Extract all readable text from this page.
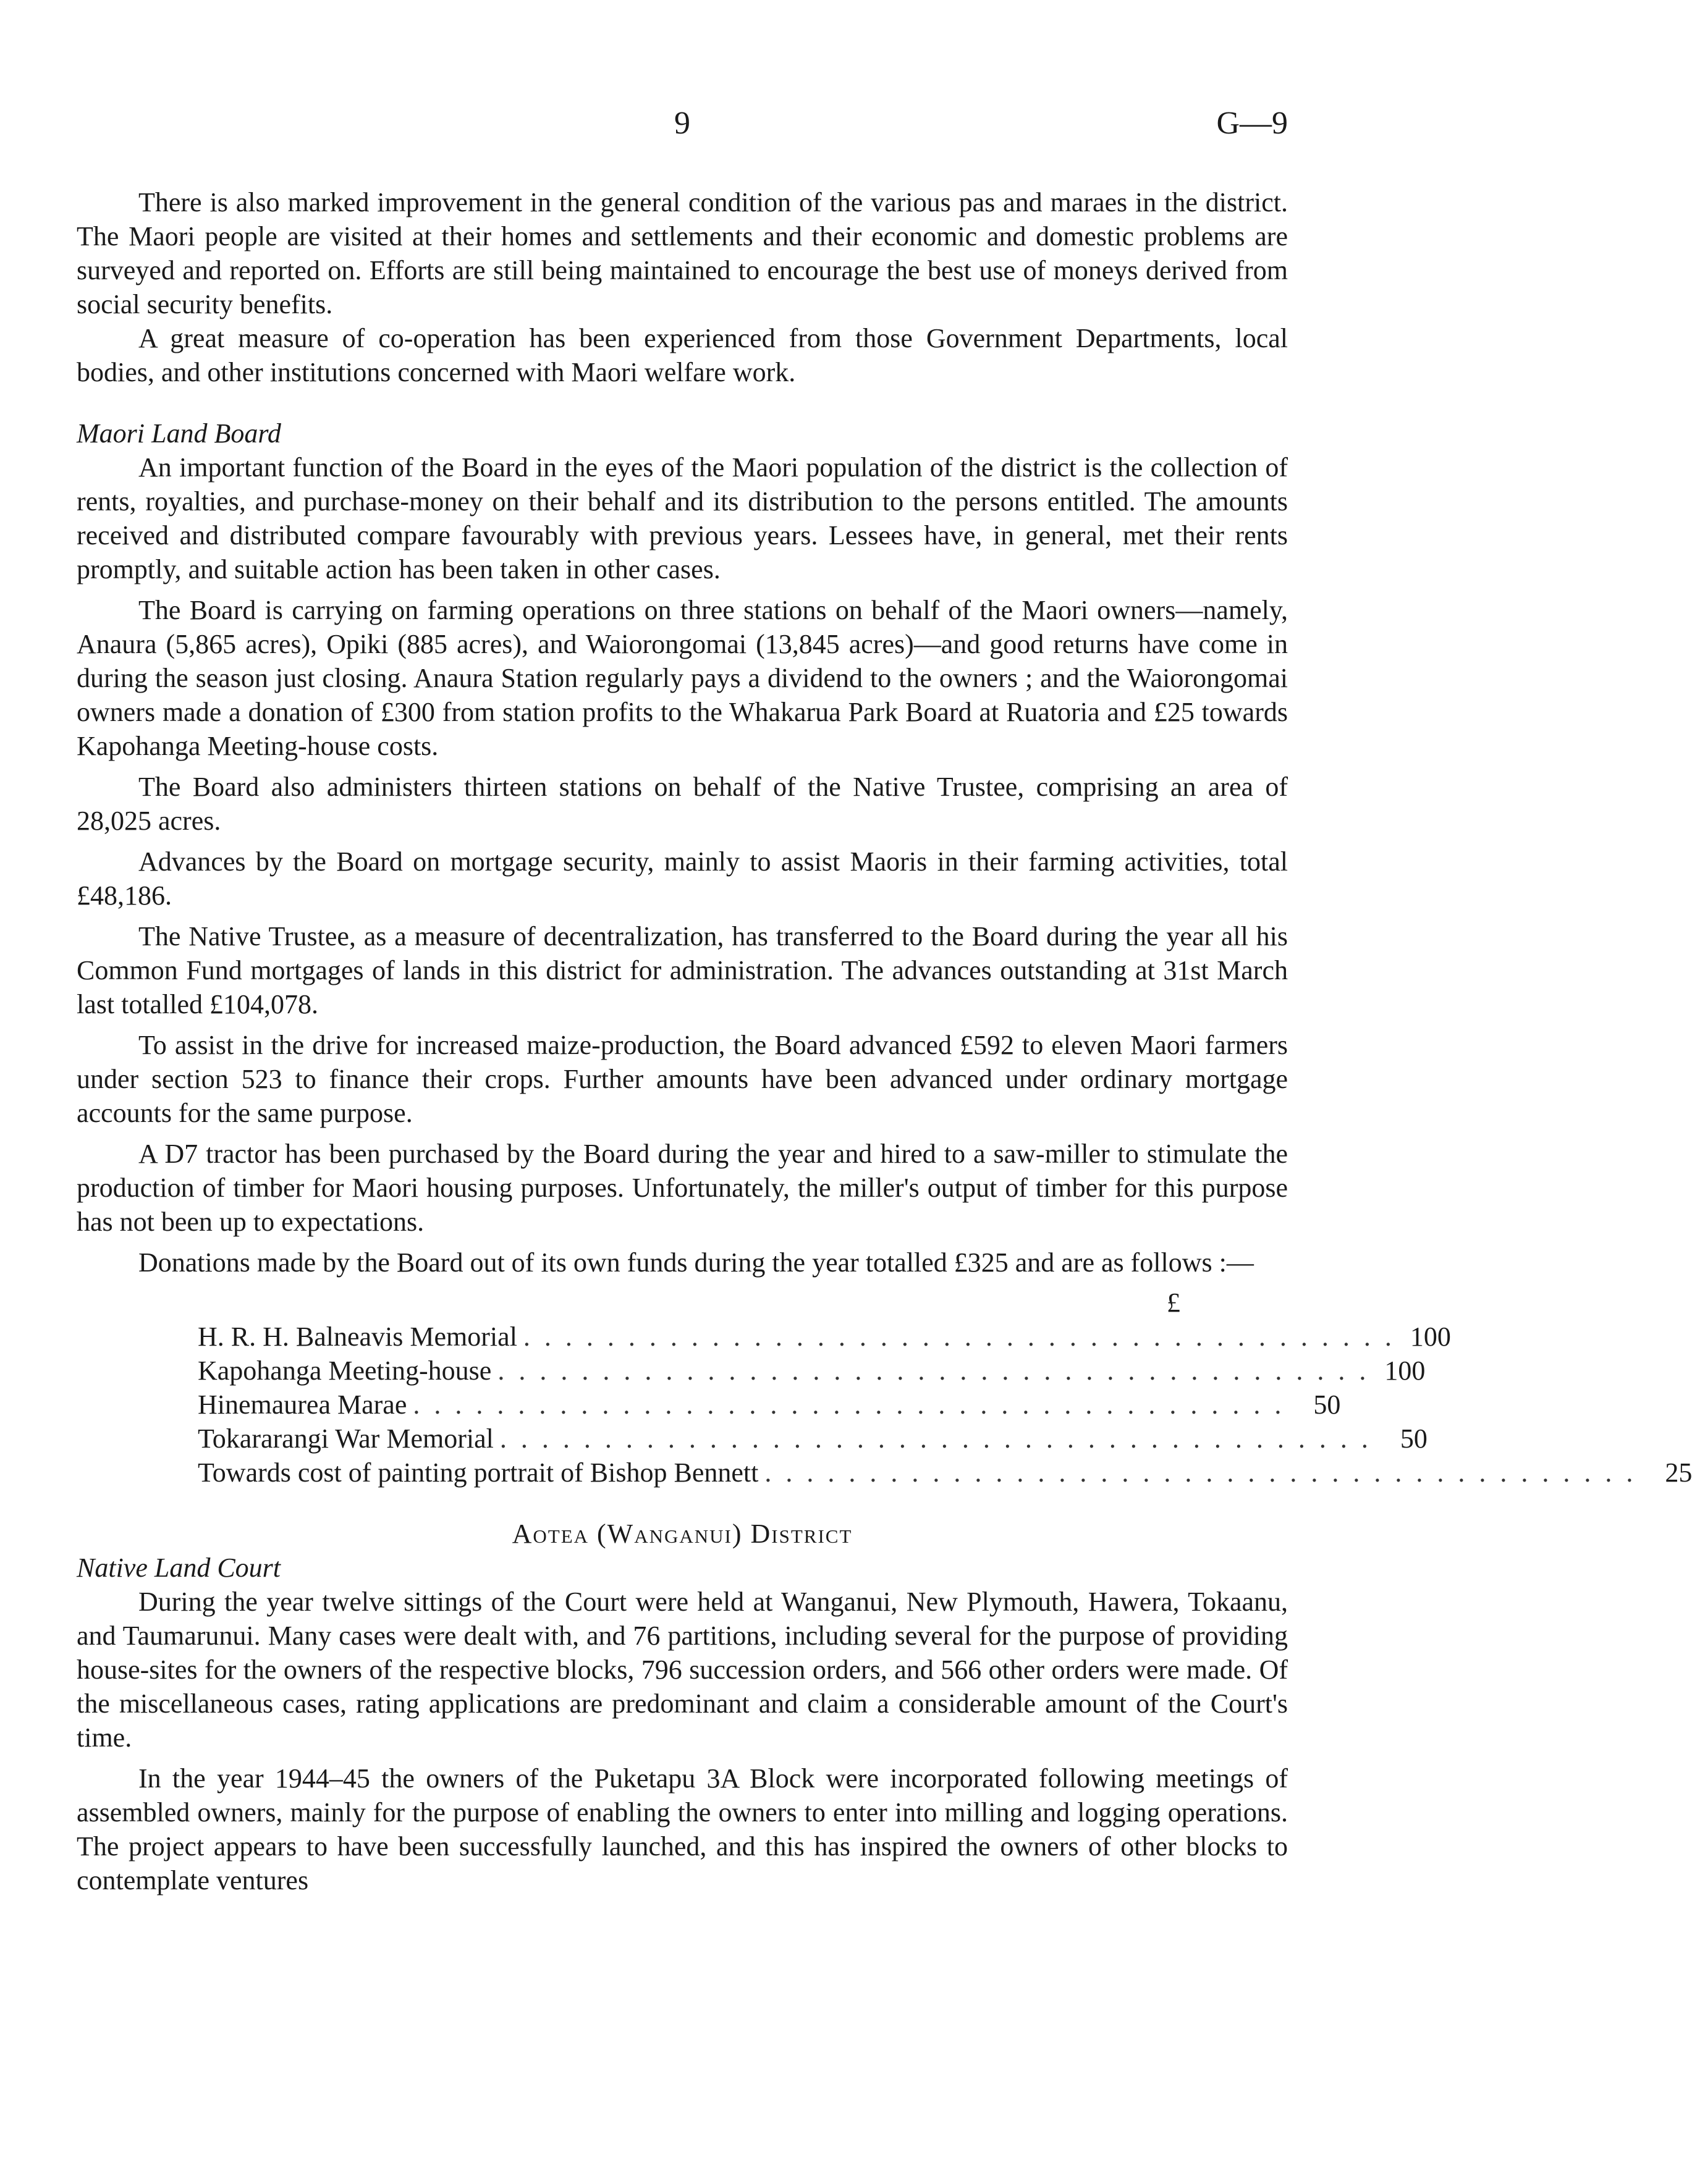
9	G—9

There is also marked improvement in the general condition of the various pas and maraes in the district. The Maori people are visited at their homes and settlements and their economic and domestic problems are surveyed and reported on. Efforts are still being maintained to encourage the best use of moneys derived from social security benefits.

A great measure of co-operation has been experienced from those Government Departments, local bodies, and other institutions concerned with Maori welfare work.

Maori Land Board

An important function of the Board in the eyes of the Maori population of the district is the collection of rents, royalties, and purchase-money on their behalf and its distribution to the persons entitled. The amounts received and distributed compare favourably with previous years. Lessees have, in general, met their rents promptly, and suitable action has been taken in other cases.

The Board is carrying on farming operations on three stations on behalf of the Maori owners—namely, Anaura (5,865 acres), Opiki (885 acres), and Waiorongomai (13,845 acres)—and good returns have come in during the season just closing. Anaura Station regularly pays a dividend to the owners ; and the Waiorongomai owners made a donation of £300 from station profits to the Whakarua Park Board at Ruatoria and £25 towards Kapohanga Meeting-house costs.

The Board also administers thirteen stations on behalf of the Native Trustee, comprising an area of 28,025 acres.

Advances by the Board on mortgage security, mainly to assist Maoris in their farming activities, total £48,186.

The Native Trustee, as a measure of decentralization, has transferred to the Board during the year all his Common Fund mortgages of lands in this district for administration. The advances outstanding at 31st March last totalled £104,078.

To assist in the drive for increased maize-production, the Board advanced £592 to eleven Maori farmers under section 523 to finance their crops. Further amounts have been advanced under ordinary mortgage accounts for the same purpose.

A D7 tractor has been purchased by the Board during the year and hired to a saw-miller to stimulate the production of timber for Maori housing purposes. Unfortunately, the miller's output of timber for this purpose has not been up to expectations.

Donations made by the Board out of its own funds during the year totalled £325 and are as follows :—

£
H. R. H. Balneavis Memorial . . . . . . . . . . . . . . . . . . . . . . . . . . . . . . . . . . . . . . . . . . 100
Kapohanga Meeting-house . . . . . . . . . . . . . . . . . . . . . . . . . . . . . . . . . . . . . . . . . . 100
Hinemaurea Marae . . . . . . . . . . . . . . . . . . . . . . . . . . . . . . . . . . . . . . . . . .	50
Tokararangi War Memorial . . . . . . . . . . . . . . . . . . . . . . . . . . . . . . . . . . . . . . . . . .	50
Towards cost of painting portrait of Bishop Bennett . . . . . . . . . . . . . . . . . . . . . . . . . . . . . . . . . . . . . . . . . .	25

Aotea (Wanganui) District

Native Land Court

During the year twelve sittings of the Court were held at Wanganui, New Plymouth, Hawera, Tokaanu, and Taumarunui. Many cases were dealt with, and 76 partitions, including several for the purpose of providing house-sites for the owners of the respective blocks, 796 succession orders, and 566 other orders were made. Of the miscellaneous cases, rating applications are predominant and claim a considerable amount of the Court's time.

In the year 1944–45 the owners of the Puketapu 3A Block were incorporated following meetings of assembled owners, mainly for the purpose of enabling the owners to enter into milling and logging operations. The project appears to have been successfully launched, and this has inspired the owners of other blocks to contemplate ventures
